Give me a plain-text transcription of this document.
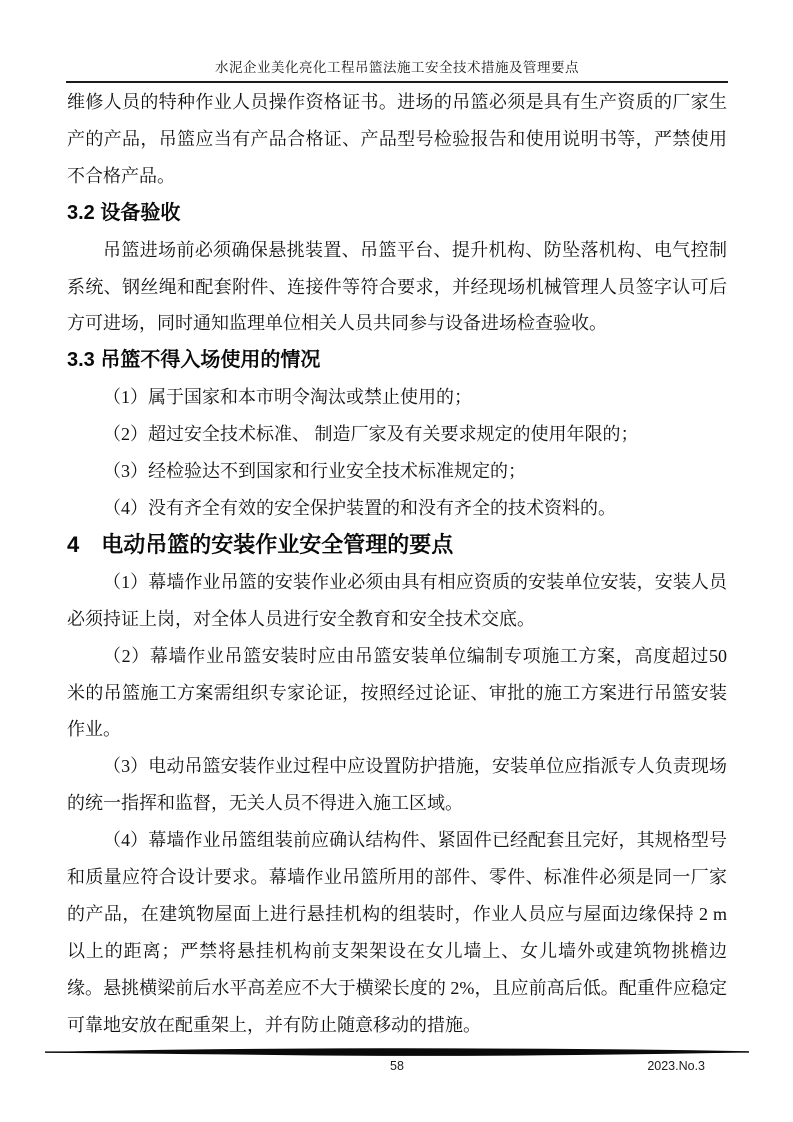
水泥企业美化亮化工程吊篮法施工安全技术措施及管理要点
维修人员的特种作业人员操作资格证书。进场的吊篮必须是具有生产资质的厂家生产的产品，吊篮应当有产品合格证、产品型号检验报告和使用说明书等，严禁使用不合格产品。
3.2 设备验收
吊篮进场前必须确保悬挑装置、吊篮平台、提升机构、防坠落机构、电气控制系统、钢丝绳和配套附件、连接件等符合要求，并经现场机械管理人员签字认可后方可进场，同时通知监理单位相关人员共同参与设备进场检查验收。
3.3 吊篮不得入场使用的情况
（1）属于国家和本市明令淘汰或禁止使用的；
（2）超过安全技术标准、 制造厂家及有关要求规定的使用年限的；
（3）经检验达不到国家和行业安全技术标准规定的；
（4）没有齐全有效的安全保护装置的和没有齐全的技术资料的。
4　电动吊篮的安装作业安全管理的要点
（1）幕墙作业吊篮的安装作业必须由具有相应资质的安装单位安装，安装人员必须持证上岗，对全体人员进行安全教育和安全技术交底。
（2）幕墙作业吊篮安装时应由吊篮安装单位编制专项施工方案，高度超过50 米的吊篮施工方案需组织专家论证，按照经过论证、审批的施工方案进行吊篮安装作业。
（3）电动吊篮安装作业过程中应设置防护措施，安装单位应指派专人负责现场的统一指挥和监督，无关人员不得进入施工区域。
（4）幕墙作业吊篮组装前应确认结构件、紧固件已经配套且完好，其规格型号和质量应符合设计要求。幕墙作业吊篮所用的部件、零件、标准件必须是同一厂家的产品，在建筑物屋面上进行悬挂机构的组装时，作业人员应与屋面边缘保持 2 m 以上的距离；严禁将悬挂机构前支架架设在女儿墙上、女儿墙外或建筑物挑檐边缘。悬挑横梁前后水平高差应不大于横梁长度的 2%，且应前高后低。配重件应稳定可靠地安放在配重架上，并有防止随意移动的措施。
58	2023.No.3
